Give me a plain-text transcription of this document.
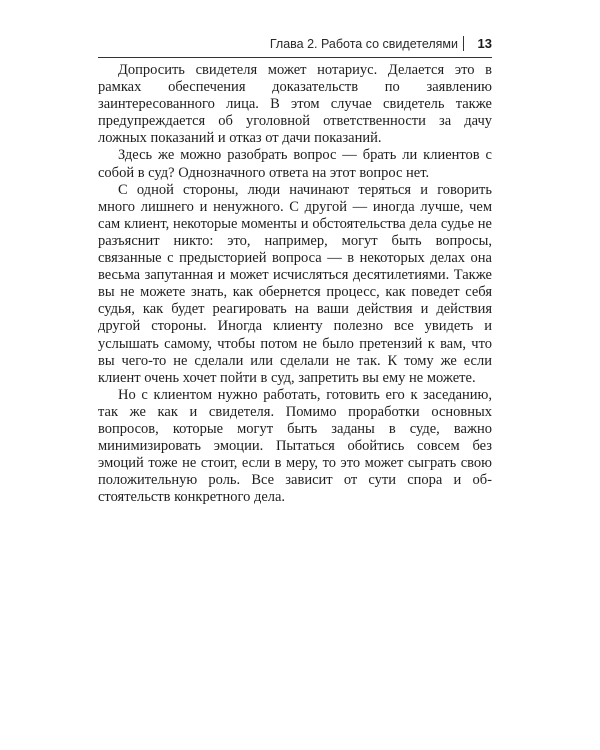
Глава 2. Работа со свидетелями 13

Допросить свидетеля может нотариус. Делается это в рамках обеспечения доказательств по заявлению заинтересованного лица. В этом случае свидетель также предупреждается об уголовной ответственности за дачу ложных показаний и отказ от дачи показаний.

Здесь же можно разобрать вопрос — брать ли клиентов с собой в суд? Однозначного ответа на этот вопрос нет.

С одной стороны, люди начинают теряться и говорить много лишнего и ненужного. С другой — иногда лучше, чем сам клиент, некоторые моменты и обстоятельства дела судье не разъяснит никто: это, например, могут быть вопросы, связанные с предысторией вопроса — в некоторых делах она весьма запутанная и может исчисляться десятилетиями. Также вы не можете знать, как обернется процесс, как поведет себя судья, как будет реагировать на ваши действия и действия другой стороны. Иногда клиенту полезно все увидеть и услышать самому, чтобы потом не было претензий к вам, что вы чего-то не сделали или сделали не так. К тому же если клиент очень хочет пойти в суд, запретить вы ему не можете.

Но с клиентом нужно работать, готовить его к заседанию, так же как и свидетеля. Помимо проработки основных вопросов, которые могут быть заданы в суде, важно минимизировать эмоции. Пытаться обойтись совсем без эмоций тоже не стоит, если в меру, то это может сыграть свою положительную роль. Все зависит от сути спора и обстоятельств конкретного дела.
